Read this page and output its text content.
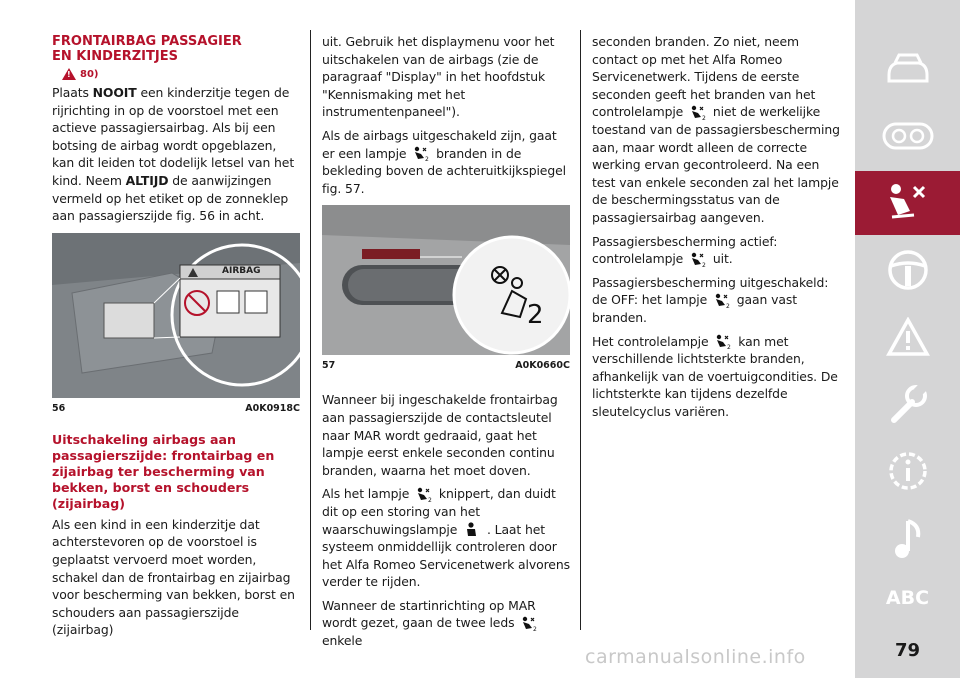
FRONTAIRBAG PASSAGIER EN KINDERZITJES
! 80)

Plaats NOOIT een kinderzitje tegen de rijrichting in op de voorstoel met een actieve passagiersairbag. Als bij een botsing de airbag wordt opgeblazen, kan dit leiden tot dodelijk letsel van het kind. Neem ALTIJD de aanwijzingen vermeld op het etiket op de zonneklep aan passagierszijde fig. 56 in acht.

AIRBAG
56	A0K0918C
Uitschakeling airbags aan passagierszijde: frontairbag en zijairbag ter bescherming van bekken, borst en schouders (zijairbag)

Als een kind in een kinderzitje dat achterstevoren op de voorstoel is geplaatst vervoerd moet worden, schakel dan de frontairbag en zijairbag voor bescherming van bekken, borst en schouders aan passagierszijde (zijairbag)

uit. Gebruik het displaymenu voor het uitschakelen van de airbags (zie de paragraaf "Display" in het hoofdstuk "Kennismaking met het instrumentenpaneel").

Als de airbags uitgeschakeld zijn, gaat er een lampje	2 branden in de bekleding boven de achteruitkijkspiegel fig. 57.

2
57	A0K0660C

Wanneer bij ingeschakelde frontairbag aan passagierszijde de contactsleutel naar MAR wordt gedraaid, gaat het lampje eerst enkele seconden continu branden, waarna het moet doven.

Als het lampje	2 knippert, dan duidt dit op een storing van het waarschuwingslampje  . Laat het systeem onmiddellijk controleren door het Alfa Romeo Servicenetwerk alvorens verder te rijden.

Wanneer de startinrichting op MAR wordt gezet, gaan de twee leds	2
enkele

seconden branden. Zo niet, neem contact op met het Alfa Romeo Servicenetwerk. Tijdens de eerste seconden geeft het branden van het controlelampje	2 niet de werkelijke toestand van de passagiersbescherming aan, maar wordt alleen de correcte werking ervan gecontroleerd. Na een test van enkele seconden zal het lampje de beschermingsstatus van de passagiersairbag aangeven.

Passagiersbescherming actief: controlelampje	2 uit.

Passagiersbescherming uitgeschakeld: de OFF: het lampje	2 gaan vast branden.

Het controlelampje	2 kan met verschillende lichtsterkte branden, afhankelijk van de voertuigcondities. De lichtsterkte kan tijdens dezelfde sleutelcyclus variëren.

ABC
79
carmanualsonline.info
